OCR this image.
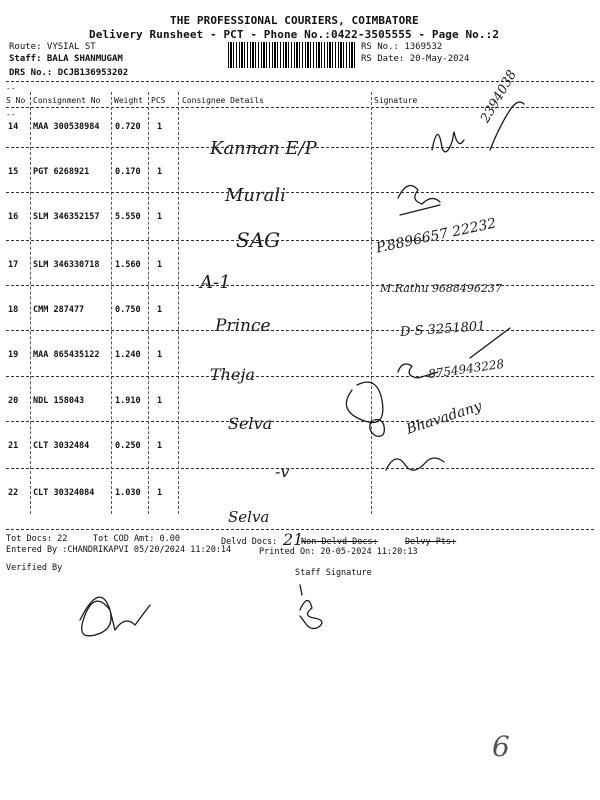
THE PROFESSIONAL COURIERS, COIMBATORE
Delivery Runsheet - PCT - Phone No.:0422-3505555 - Page No.:2
Route: VYSIAL ST
Staff: BALA SHANMUGAM
DRS No.: DCJB136953202
RS No.: 1369532
RS Date: 20-May-2024
--
S No Consignment No Weight PCS Consignee Details	Signature
--
14 MAA 300538984 0.720 1
Kannan E/P
2394038
15 PGT 6268921	0.170 1
Murali
16 SLM 346352157 5.550 1
SAG	P.8896657 22232
17 SLM 346330718 1.560 1
A-1	M.Rathu 9688496237
18 CMM 287477	0.750 1
Prince	D S 3251801
19 MAA 865435122 1.240 1
Theja	8754943228
20 NDL 158043	1.910 1
Selva	Bhavadany
21 CLT 3032484	0.250 1
-v
22 CLT 30324084 1.030 1
Selva
Tot Docs: 22	Tot COD Amt: 0.00	Delvd Docs: 21
Non Delvd Docs:	Delvy Pts:
Entered By :CHANDRIKAPVI 05/20/2024 11:20:14	Printed On: 20-05-2024 11:20:13
Verified By	Staff Signature
6
